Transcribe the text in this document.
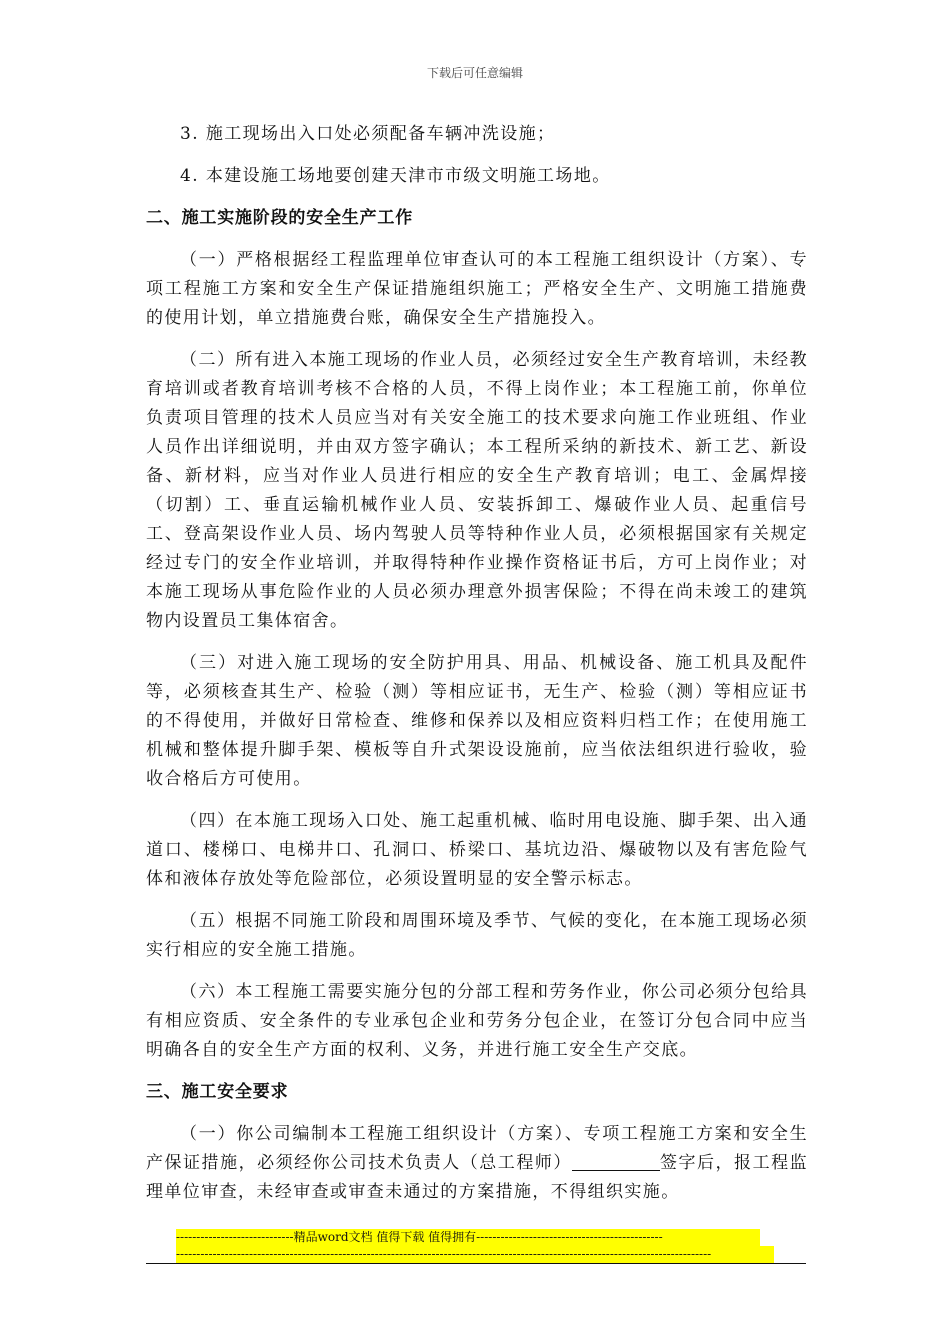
下载后可任意编辑

3. 施工现场出入口处必须配备车辆冲洗设施；

4. 本建设施工场地要创建天津市市级文明施工场地。

二、施工实施阶段的安全生产工作

（一）严格根据经工程监理单位审查认可的本工程施工组织设计（方案）、专项工程施工方案和安全生产保证措施组织施工；严格安全生产、文明施工措施费的使用计划，单立措施费台账，确保安全生产措施投入。

（二）所有进入本施工现场的作业人员，必须经过安全生产教育培训，未经教育培训或者教育培训考核不合格的人员，不得上岗作业；本工程施工前，你单位负责项目管理的技术人员应当对有关安全施工的技术要求向施工作业班组、作业人员作出详细说明，并由双方签字确认；本工程所采纳的新技术、新工艺、新设备、新材料，应当对作业人员进行相应的安全生产教育培训；电工、金属焊接（切割）工、垂直运输机械作业人员、安装拆卸工、爆破作业人员、起重信号工、登高架设作业人员、场内驾驶人员等特种作业人员，必须根据国家有关规定经过专门的安全作业培训，并取得特种作业操作资格证书后，方可上岗作业；对本施工现场从事危险作业的人员必须办理意外损害保险；不得在尚未竣工的建筑物内设置员工集体宿舍。

（三）对进入施工现场的安全防护用具、用品、机械设备、施工机具及配件等，必须核查其生产、检验（测）等相应证书，无生产、检验（测）等相应证书的不得使用，并做好日常检查、维修和保养以及相应资料归档工作；在使用施工机械和整体提升脚手架、模板等自升式架设设施前，应当依法组织进行验收，验收合格后方可使用。

（四）在本施工现场入口处、施工起重机械、临时用电设施、脚手架、出入通道口、楼梯口、电梯井口、孔洞口、桥梁口、基坑边沿、爆破物以及有害危险气体和液体存放处等危险部位，必须设置明显的安全警示标志。

（五）根据不同施工阶段和周围环境及季节、气候的变化，在本施工现场必须实行相应的安全施工措施。

（六）本工程施工需要实施分包的分部工程和劳务作业，你公司必须分包给具有相应资质、安全条件的专业承包企业和劳务分包企业，在签订分包合同中应当明确各自的安全生产方面的权利、义务，并进行施工安全生产交底。

三、施工安全要求

（一）你公司编制本工程施工组织设计（方案）、专项工程施工方案和安全生产保证措施，必须经你公司技术负责人（总工程师）	签字后，报工程监理单位审查，未经审查或审查未通过的方案措施，不得组织实施。

-----------------------------精品word文档 值得下载 值得拥有----------------------------------------------
------------------------------------------------------------------------------------------------------------------------------------
